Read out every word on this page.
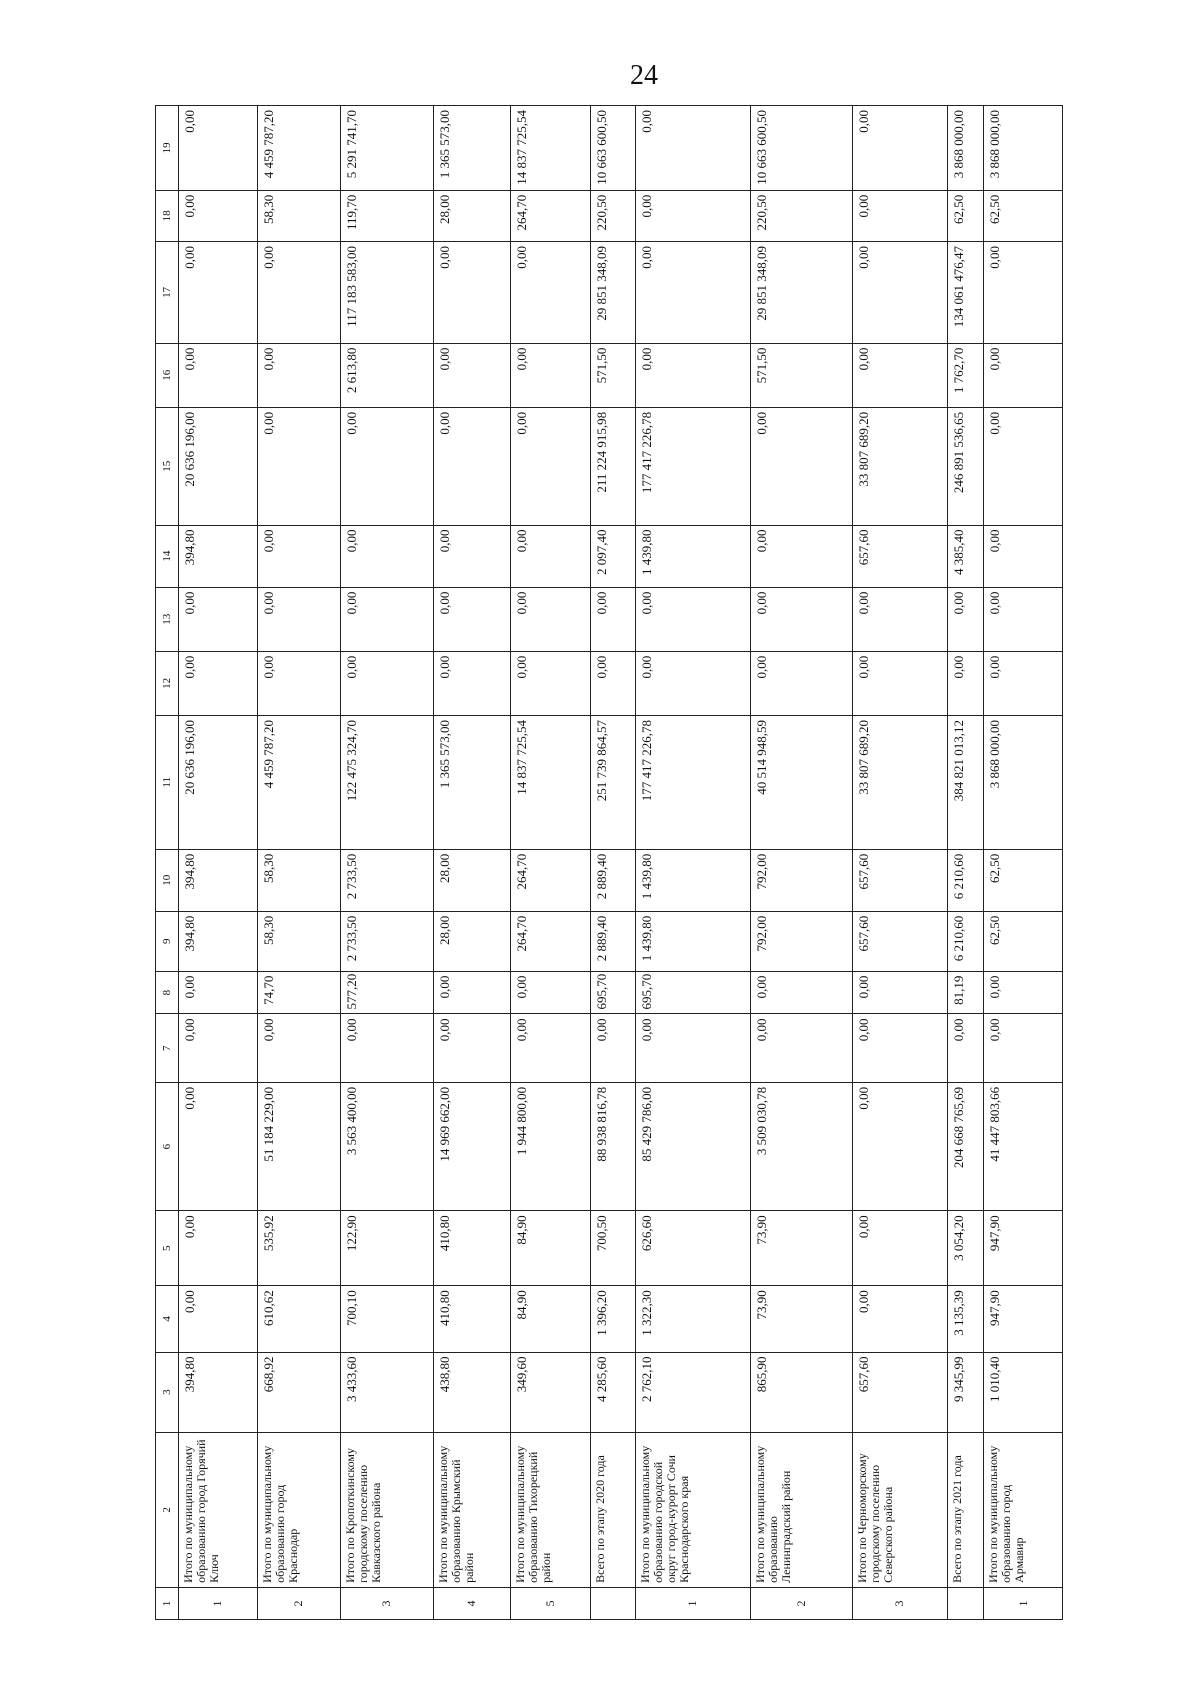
24
1	2	3	4	5	6	7	8	9	10	11	12	13	14	15	16	17	18	19
1	Итого по муниципальному образованию город Горячий Ключ	394,80	0,00	0,00	0,00	0,00	0,00	394,80	394,80	20 636 196,00	0,00	0,00	394,80	20 636 196,00	0,00	0,00	0,00	0,00
2	Итого по муниципальному образованию город Краснодар	668,92	610,62	535,92	51 184 229,00	0,00	74,70	58,30	58,30	4 459 787,20	0,00	0,00	0,00	0,00	0,00	0,00	58,30	4 459 787,20
3	Итого по Кропоткинскому городскому поселению Кавказского района	3 433,60	700,10	122,90	3 563 400,00	0,00	577,20	2 733,50	2 733,50	122 475 324,70	0,00	0,00	0,00	0,00	2 613,80	117 183 583,00	119,70	5 291 741,70
4	Итого по муниципальному образованию Крымский район	438,80	410,80	410,80	14 969 662,00	0,00	0,00	28,00	28,00	1 365 573,00	0,00	0,00	0,00	0,00	0,00	0,00	28,00	1 365 573,00
5	Итого по муниципальному образованию Тихорецкий район	349,60	84,90	84,90	1 944 800,00	0,00	0,00	264,70	264,70	14 837 725,54	0,00	0,00	0,00	0,00	0,00	0,00	264,70	14 837 725,54
	Всего по этапу 2020 года	4 285,60	1 396,20	700,50	88 938 816,78	0,00	695,70	2 889,40	2 889,40	251 739 864,57	0,00	0,00	2 097,40	211 224 915,98	571,50	29 851 348,09	220,50	10 663 600,50
1	Итого по муниципальному образованию городской округ город-курорт Сочи Краснодарского края	2 762,10	1 322,30	626,60	85 429 786,00	0,00	695,70	1 439,80	1 439,80	177 417 226,78	0,00	0,00	1 439,80	177 417 226,78	0,00	0,00	0,00	0,00
2	Итого по муниципальному образованию Ленинградский район	865,90	73,90	73,90	3 509 030,78	0,00	0,00	792,00	792,00	40 514 948,59	0,00	0,00	0,00	0,00	571,50	29 851 348,09	220,50	10 663 600,50
3	Итого по Черноморскому городскому поселению Северского района	657,60	0,00	0,00	0,00	0,00	0,00	657,60	657,60	33 807 689,20	0,00	0,00	657,60	33 807 689,20	0,00	0,00	0,00	0,00
	Всего по этапу 2021 года	9 345,99	3 135,39	3 054,20	204 668 765,69	0,00	81,19	6 210,60	6 210,60	384 821 013,12	0,00	0,00	4 385,40	246 891 536,65	1 762,70	134 061 476,47	62,50	3 868 000,00
1	Итого по муниципальному образованию город Армавир	1 010,40	947,90	947,90	41 447 803,66	0,00	0,00	62,50	62,50	3 868 000,00	0,00	0,00	0,00	0,00	0,00	0,00	62,50	3 868 000,00
